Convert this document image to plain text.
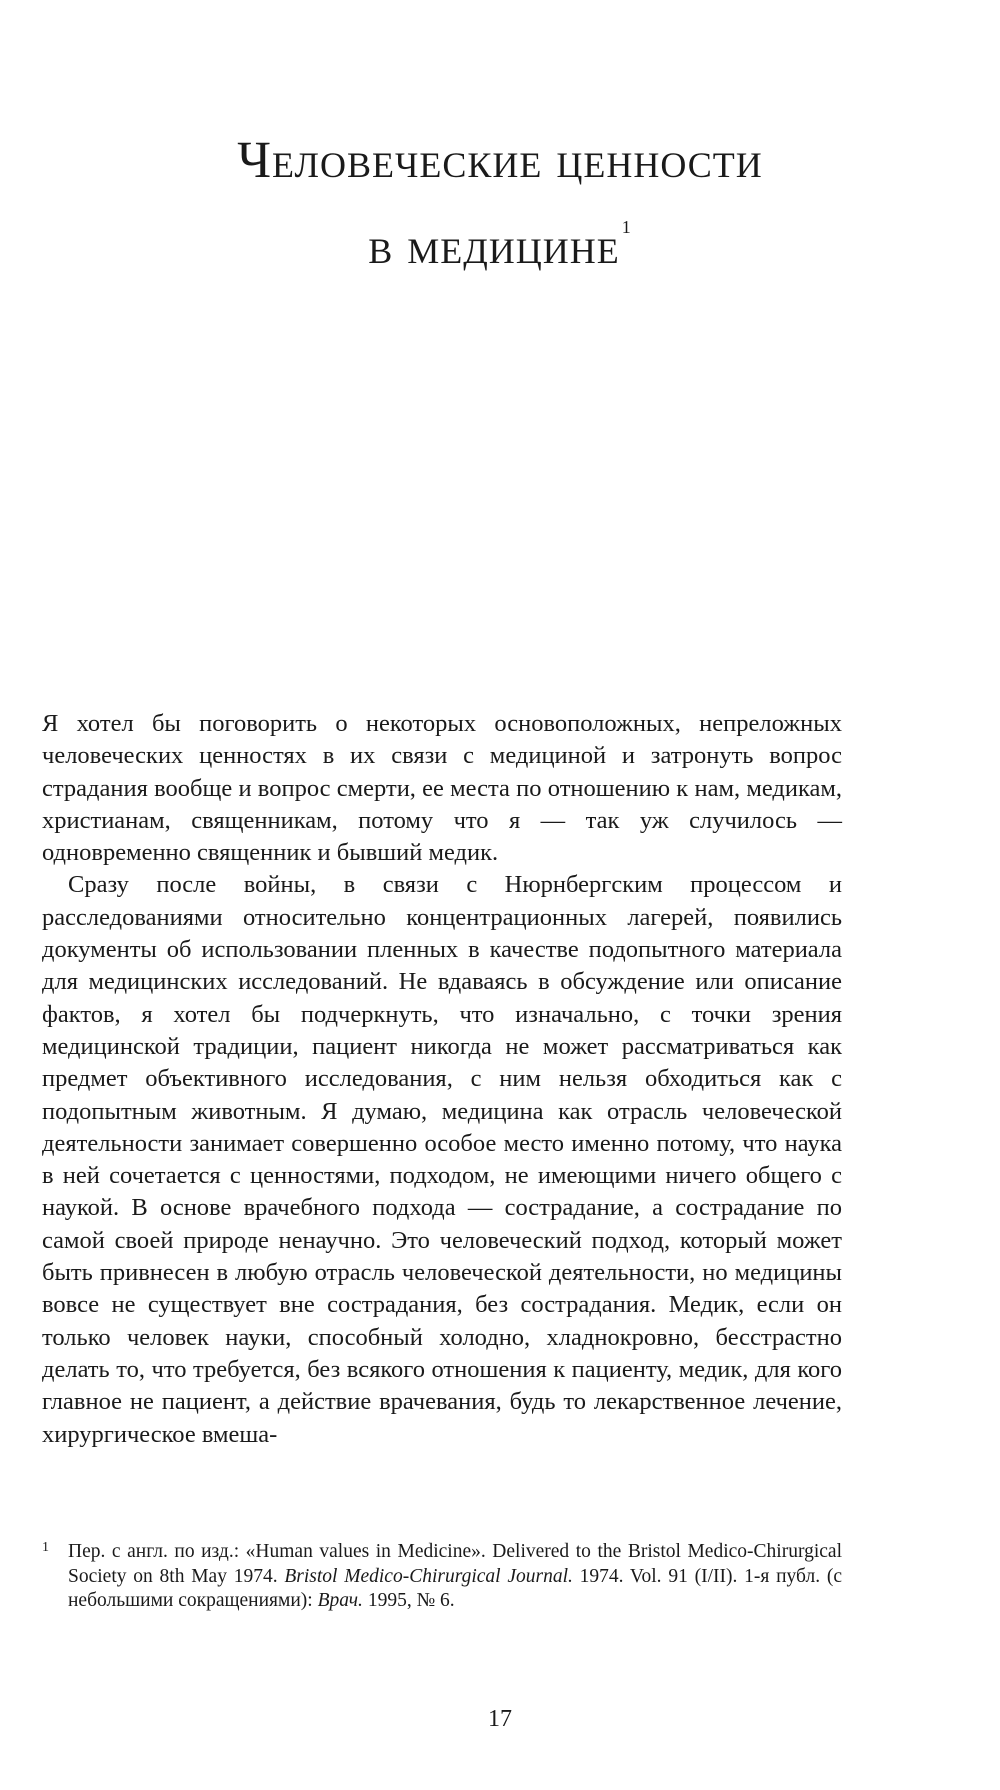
Человеческие ценности
в медицине $^1$

Я хотел бы поговорить о некоторых основоположных, непреложных человеческих ценностях в их связи с медициной и затронуть вопрос страдания вообще и вопрос смерти, ее места по отношению к нам, медикам, христианам, священникам, потому что я — так уж случилось — одновременно священник и бывший медик.

Сразу после войны, в связи с Нюрнбергским процессом и расследованиями относительно концентрационных лагерей, появились документы об использовании пленных в качестве подопытного материала для медицинских исследований. Не вдаваясь в обсуждение или описание фактов, я хотел бы подчеркнуть, что изначально, с точки зрения медицинской традиции, пациент никогда не может рассматриваться как предмет объективного исследования, с ним нельзя обходиться как с подопытным животным. Я думаю, медицина как отрасль человеческой деятельности занимает совершенно особое место именно потому, что наука в ней сочетается с ценностями, подходом, не имеющими ничего общего с наукой. В основе врачебного подхода — сострадание, а сострадание по самой своей природе ненаучно. Это человеческий подход, который может быть привнесен в любую отрасль человеческой деятельности, но медицины вовсе не существует вне сострадания, без сострадания. Медик, если он только человек науки, способный холодно, хладнокровно, бесстрастно делать то, что требуется, без всякого отношения к пациенту, медик, для кого главное не пациент, а действие врачевания, будь то лекарственное лечение, хирургическое вмеша-

1 Пер. с англ. по изд.: «Human values in Medicine». Delivered to the Bristol Medico-Chirurgical Society on 8th May 1974. Bristol Medico-Chirurgical Journal. 1974. Vol. 91 (I/II). 1-я публ. (с небольшими сокращениями): Врач. 1995, № 6.
17
